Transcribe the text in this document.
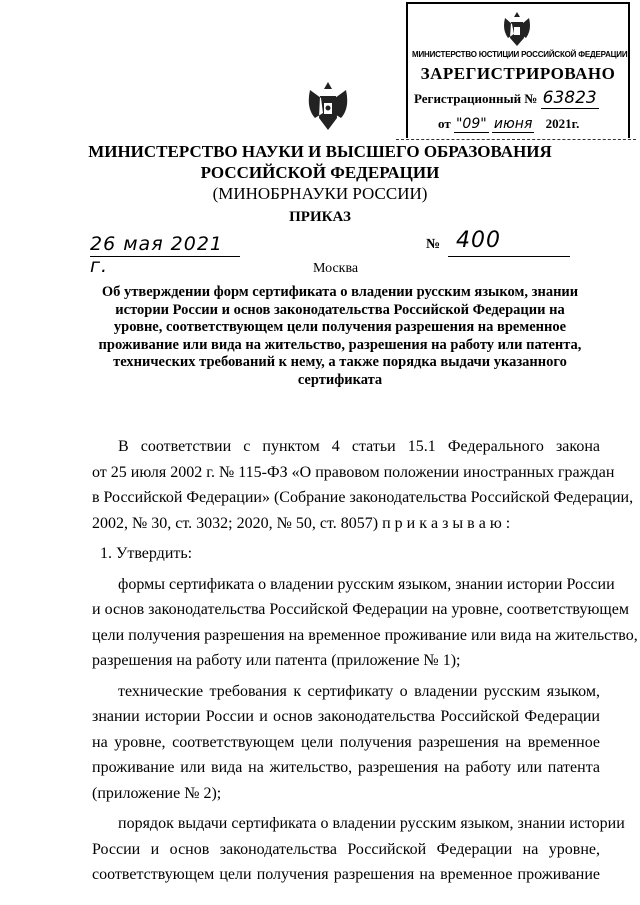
МИНИСТЕРСТВО ЮСТИЦИИ РОССИЙСКОЙ ФЕДЕРАЦИИ
ЗАРЕГИСТРИРОВАНО
Регистрационный № 63823
от "09" июня 2021г.
МИНИСТЕРСТВО НАУКИ И ВЫСШЕГО ОБРАЗОВАНИЯ
РОССИЙСКОЙ ФЕДЕРАЦИИ
(МИНОБРНАУКИ РОССИИ)
ПРИКАЗ
26 мая 2021 г.
№ 400
Москва
Об утверждении форм сертификата о владении русским языком, знании истории России и основ законодательства Российской Федерации на уровне, соответствующем цели получения разрешения на временное проживание или вида на жительство, разрешения на работу или патента, технических требований к нему, а также порядка выдачи указанного сертификата
В соответствии с пунктом 4 статьи 15.1 Федерального закона
от 25 июля 2002 г. № 115-ФЗ «О правовом положении иностранных граждан
в Российской Федерации» (Собрание законодательства Российской Федерации,
2002, № 30, ст. 3032; 2020, № 50, ст. 8057) п р и к а з ы в а ю :
1. Утвердить:
формы сертификата о владении русским языком, знании истории России
и основ законодательства Российской Федерации на уровне, соответствующем
цели получения разрешения на временное проживание или вида на жительство,
разрешения на работу или патента (приложение № 1);
технические требования к сертификату о владении русским языком,
знании истории России и основ законодательства Российской Федерации
на уровне, соответствующем цели получения разрешения на временное
проживание или вида на жительство, разрешения на работу или патента
(приложение № 2);
порядок выдачи сертификата о владении русским языком, знании истории
России и основ законодательства Российской Федерации на уровне,
соответствующем цели получения разрешения на временное проживание
